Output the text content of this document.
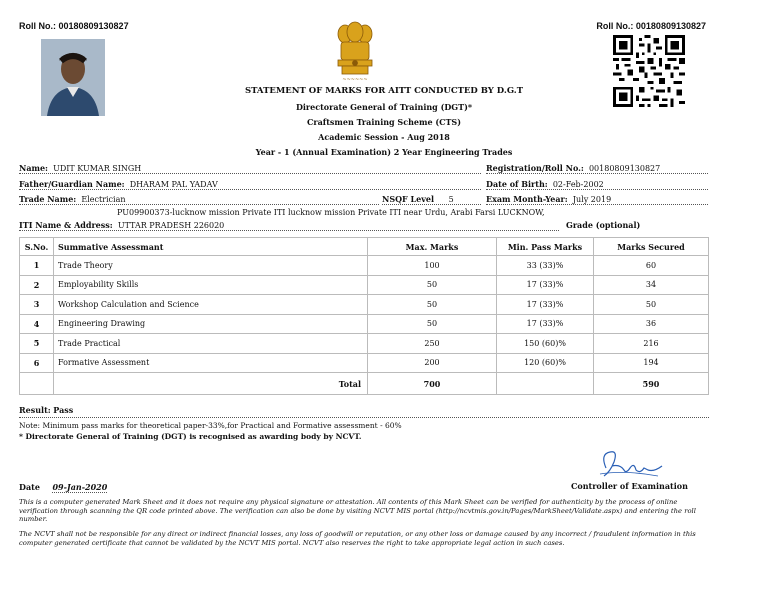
Roll No.: 00180809130827	Roll No.: 00180809130827
~~~~~~
STATEMENT OF MARKS FOR AITT CONDUCTED BY D.G.T
Directorate General of Training (DGT)*
Craftsmen Training Scheme (CTS)
Academic Session - Aug 2018
Year - 1 (Annual Examination) 2 Year Engineering Trades
Name: UDIT KUMAR SINGH	Registration/Roll No.: 00180809130827
Father/Guardian Name: DHARAM PAL YADAV	Date of Birth: 02-Feb-2002
Trade Name: Electrician	NSQF Level 5	Exam Month-Year: July 2019
PU09900373-lucknow mission Private ITI lucknow mission Private ITI near Urdu, Arabi Farsi LUCKNOW,
ITI Name & Address: UTTAR PRADESH 226020	Grade (optional)
S.No.	Summative Assessmant	Max. Marks	Min. Pass Marks	Marks Secured
1	Trade Theory	100	33 (33)%	60
2	Employability Skills	50	17 (33)%	34
3	Workshop Calculation and Science	50	17 (33)%	50
4	Engineering Drawing	50	17 (33)%	36
5	Trade Practical	250	150 (60)%	216
6	Formative Assessment	200	120 (60)%	194
	Total	700		590
Result: Pass
Note: Minimum pass marks for theoretical paper-33%,for Practical and Formative assessment - 60%
* Directorate General of Training (DGT) is recognised as awarding body by NCVT.
Date 09-Jan-2020	Controller of Examination
This is a computer generated Mark Sheet and it does not require any physical signature or attestation. All contents of this Mark Sheet can be verified for authenticity by the process of online verification through scanning the QR code printed above. The verification can also be done by visiting NCVT MIS portal (http://ncvtmis.gov.in/Pages/MarkSheet/Validate.aspx) and entering the roll number.
The NCVT shall not be responsible for any direct or indirect financial losses, any loss of goodwill or reputation, or any other loss or damage caused by any incorrect / fraudulent information in this computer generated certificate that cannot be validated by the NCVT MIS portal. NCVT also reserves the right to take appropriate legal action in such cases.
